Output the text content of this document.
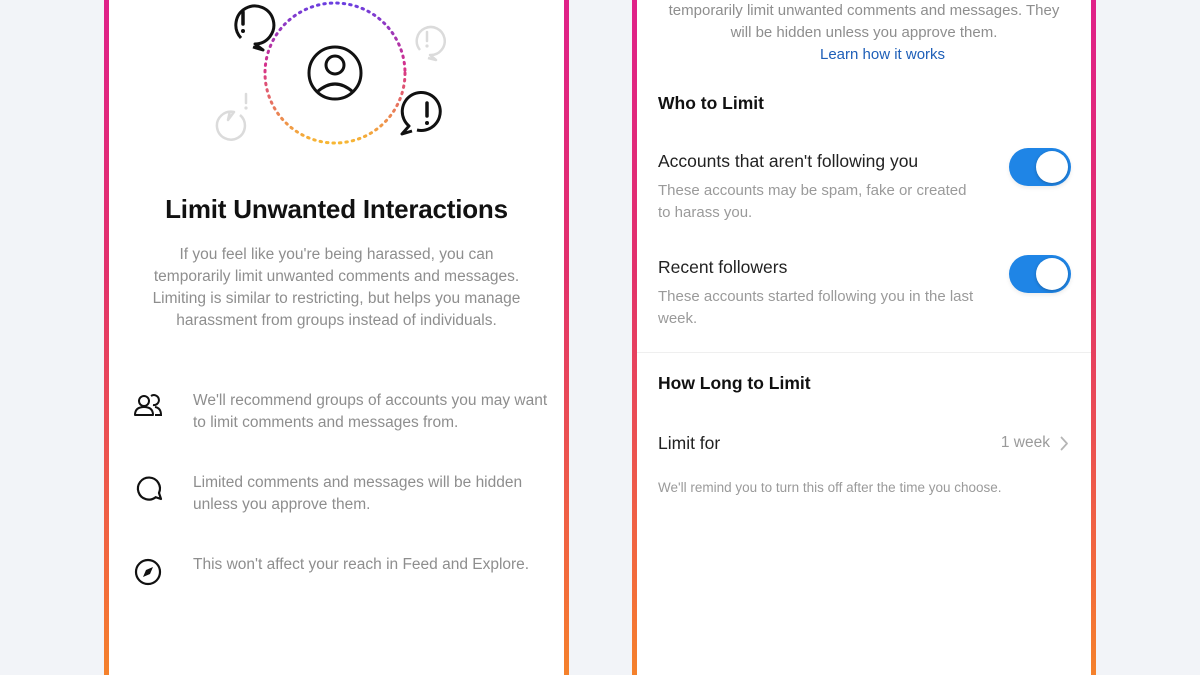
Limit Unwanted Interactions
If you feel like you're being harassed, you can temporarily limit unwanted comments and messages. Limiting is similar to restricting, but helps you manage harassment from groups instead of individuals.
We'll recommend groups of accounts you may want to limit comments and messages from.
Limited comments and messages will be hidden unless you approve them.
This won't affect your reach in Feed and Explore.
temporarily limit unwanted comments and messages. They will be hidden unless you approve them.
Learn how it works
Who to Limit
Accounts that aren't following you
These accounts may be spam, fake or created to harass you.
Recent followers
These accounts started following you in the last week.
How Long to Limit
Limit for	1 week
We'll remind you to turn this off after the time you choose.
